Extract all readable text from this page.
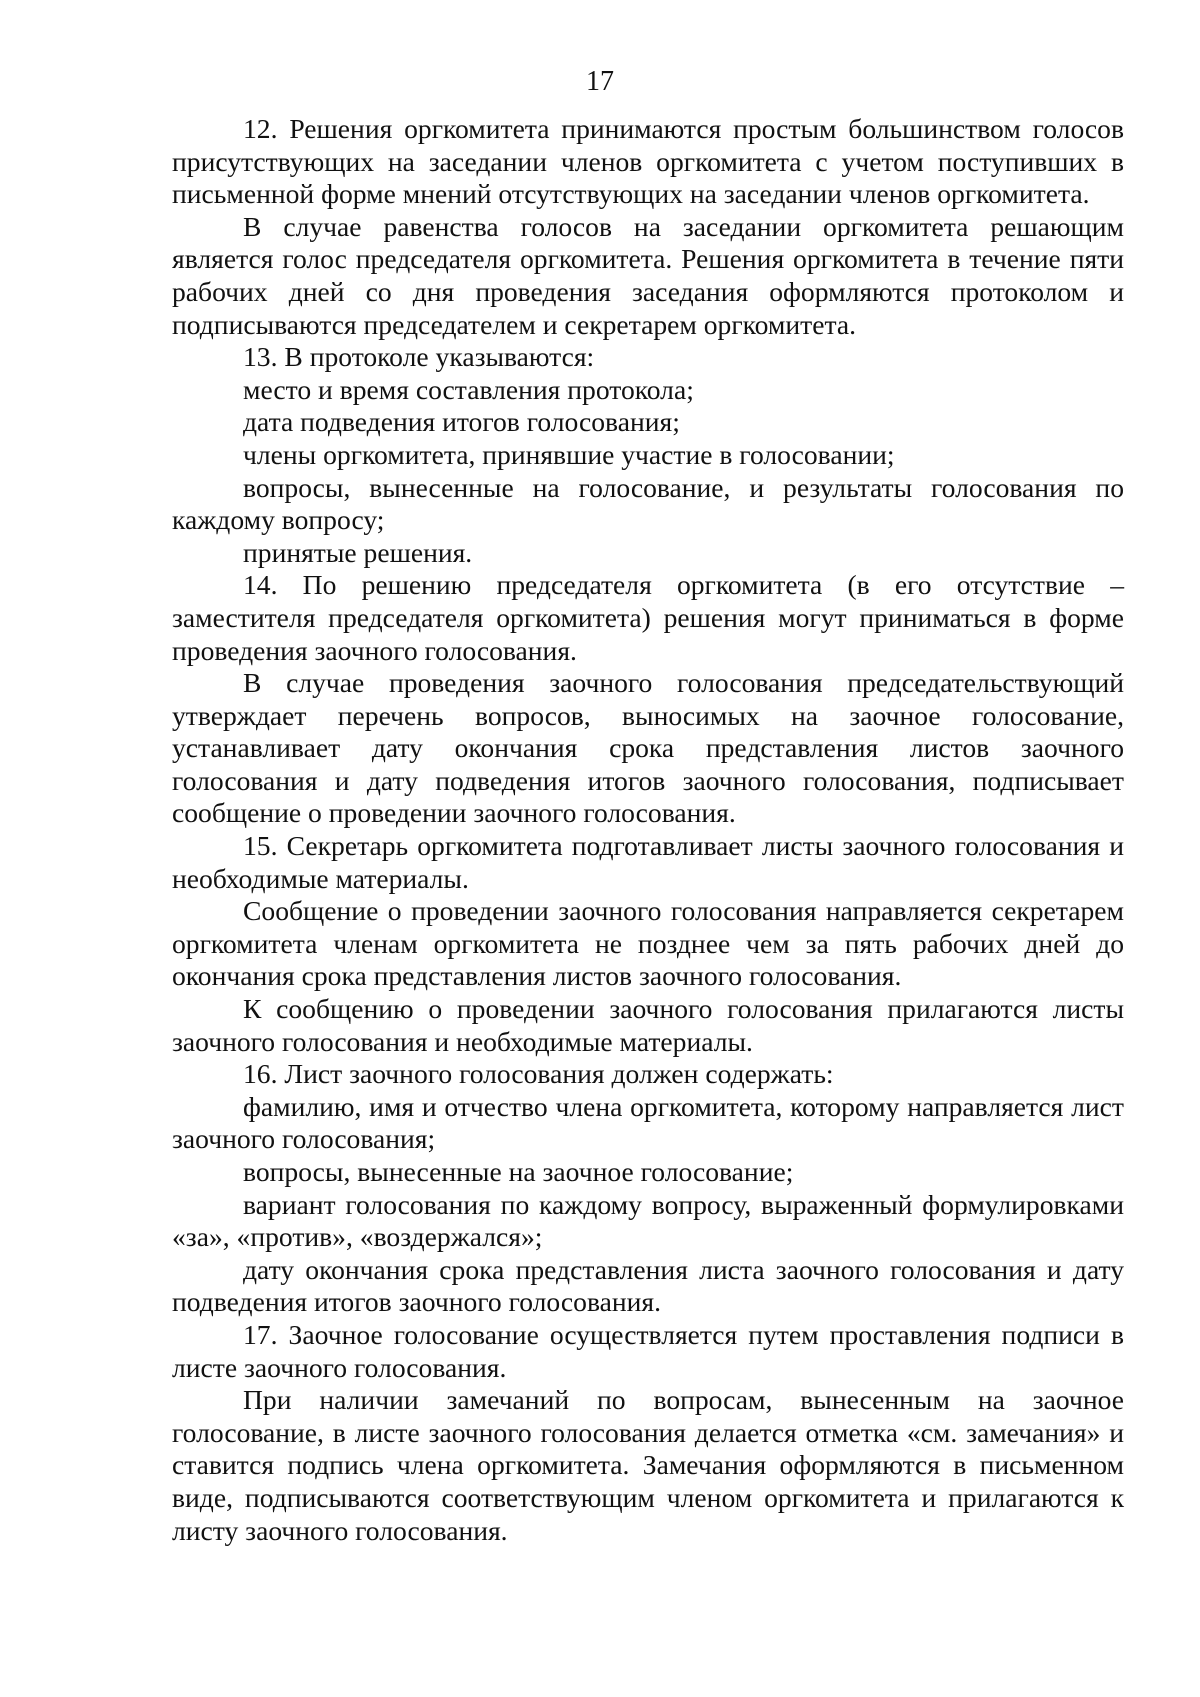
17

12. Решения оргкомитета принимаются простым большинством голосов присутствующих на заседании членов оргкомитета с учетом поступивших в письменной форме мнений отсутствующих на заседании членов оргкомитета.

В случае равенства голосов на заседании оргкомитета решающим является голос председателя оргкомитета. Решения оргкомитета в течение пяти рабочих дней со дня проведения заседания оформляются протоколом и подписываются председателем и секретарем оргкомитета.

13. В протоколе указываются:

место и время составления протокола;

дата подведения итогов голосования;

члены оргкомитета, принявшие участие в голосовании;

вопросы, вынесенные на голосование, и результаты голосования по каждому вопросу;

принятые решения.

14. По решению председателя оргкомитета (в его отсутствие – заместителя председателя оргкомитета) решения могут приниматься в форме проведения заочного голосования.

В случае проведения заочного голосования председательствующий утверждает перечень вопросов, выносимых на заочное голосование, устанавливает дату окончания срока представления листов заочного голосования и дату подведения итогов заочного голосования, подписывает сообщение о проведении заочного голосования.

15. Секретарь оргкомитета подготавливает листы заочного голосования и необходимые материалы.

Сообщение о проведении заочного голосования направляется секретарем оргкомитета членам оргкомитета не позднее чем за пять рабочих дней до окончания срока представления листов заочного голосования.

К сообщению о проведении заочного голосования прилагаются листы заочного голосования и необходимые материалы.

16. Лист заочного голосования должен содержать:

фамилию, имя и отчество члена оргкомитета, которому направляется лист заочного голосования;

вопросы, вынесенные на заочное голосование;

вариант голосования по каждому вопросу, выраженный формулировками «за», «против», «воздержался»;

дату окончания срока представления листа заочного голосования и дату подведения итогов заочного голосования.

17. Заочное голосование осуществляется путем проставления подписи в листе заочного голосования.

При наличии замечаний по вопросам, вынесенным на заочное голосование, в листе заочного голосования делается отметка «см. замечания» и ставится подпись члена оргкомитета. Замечания оформляются в письменном виде, подписываются соответствующим членом оргкомитета и прилагаются к листу заочного голосования.
